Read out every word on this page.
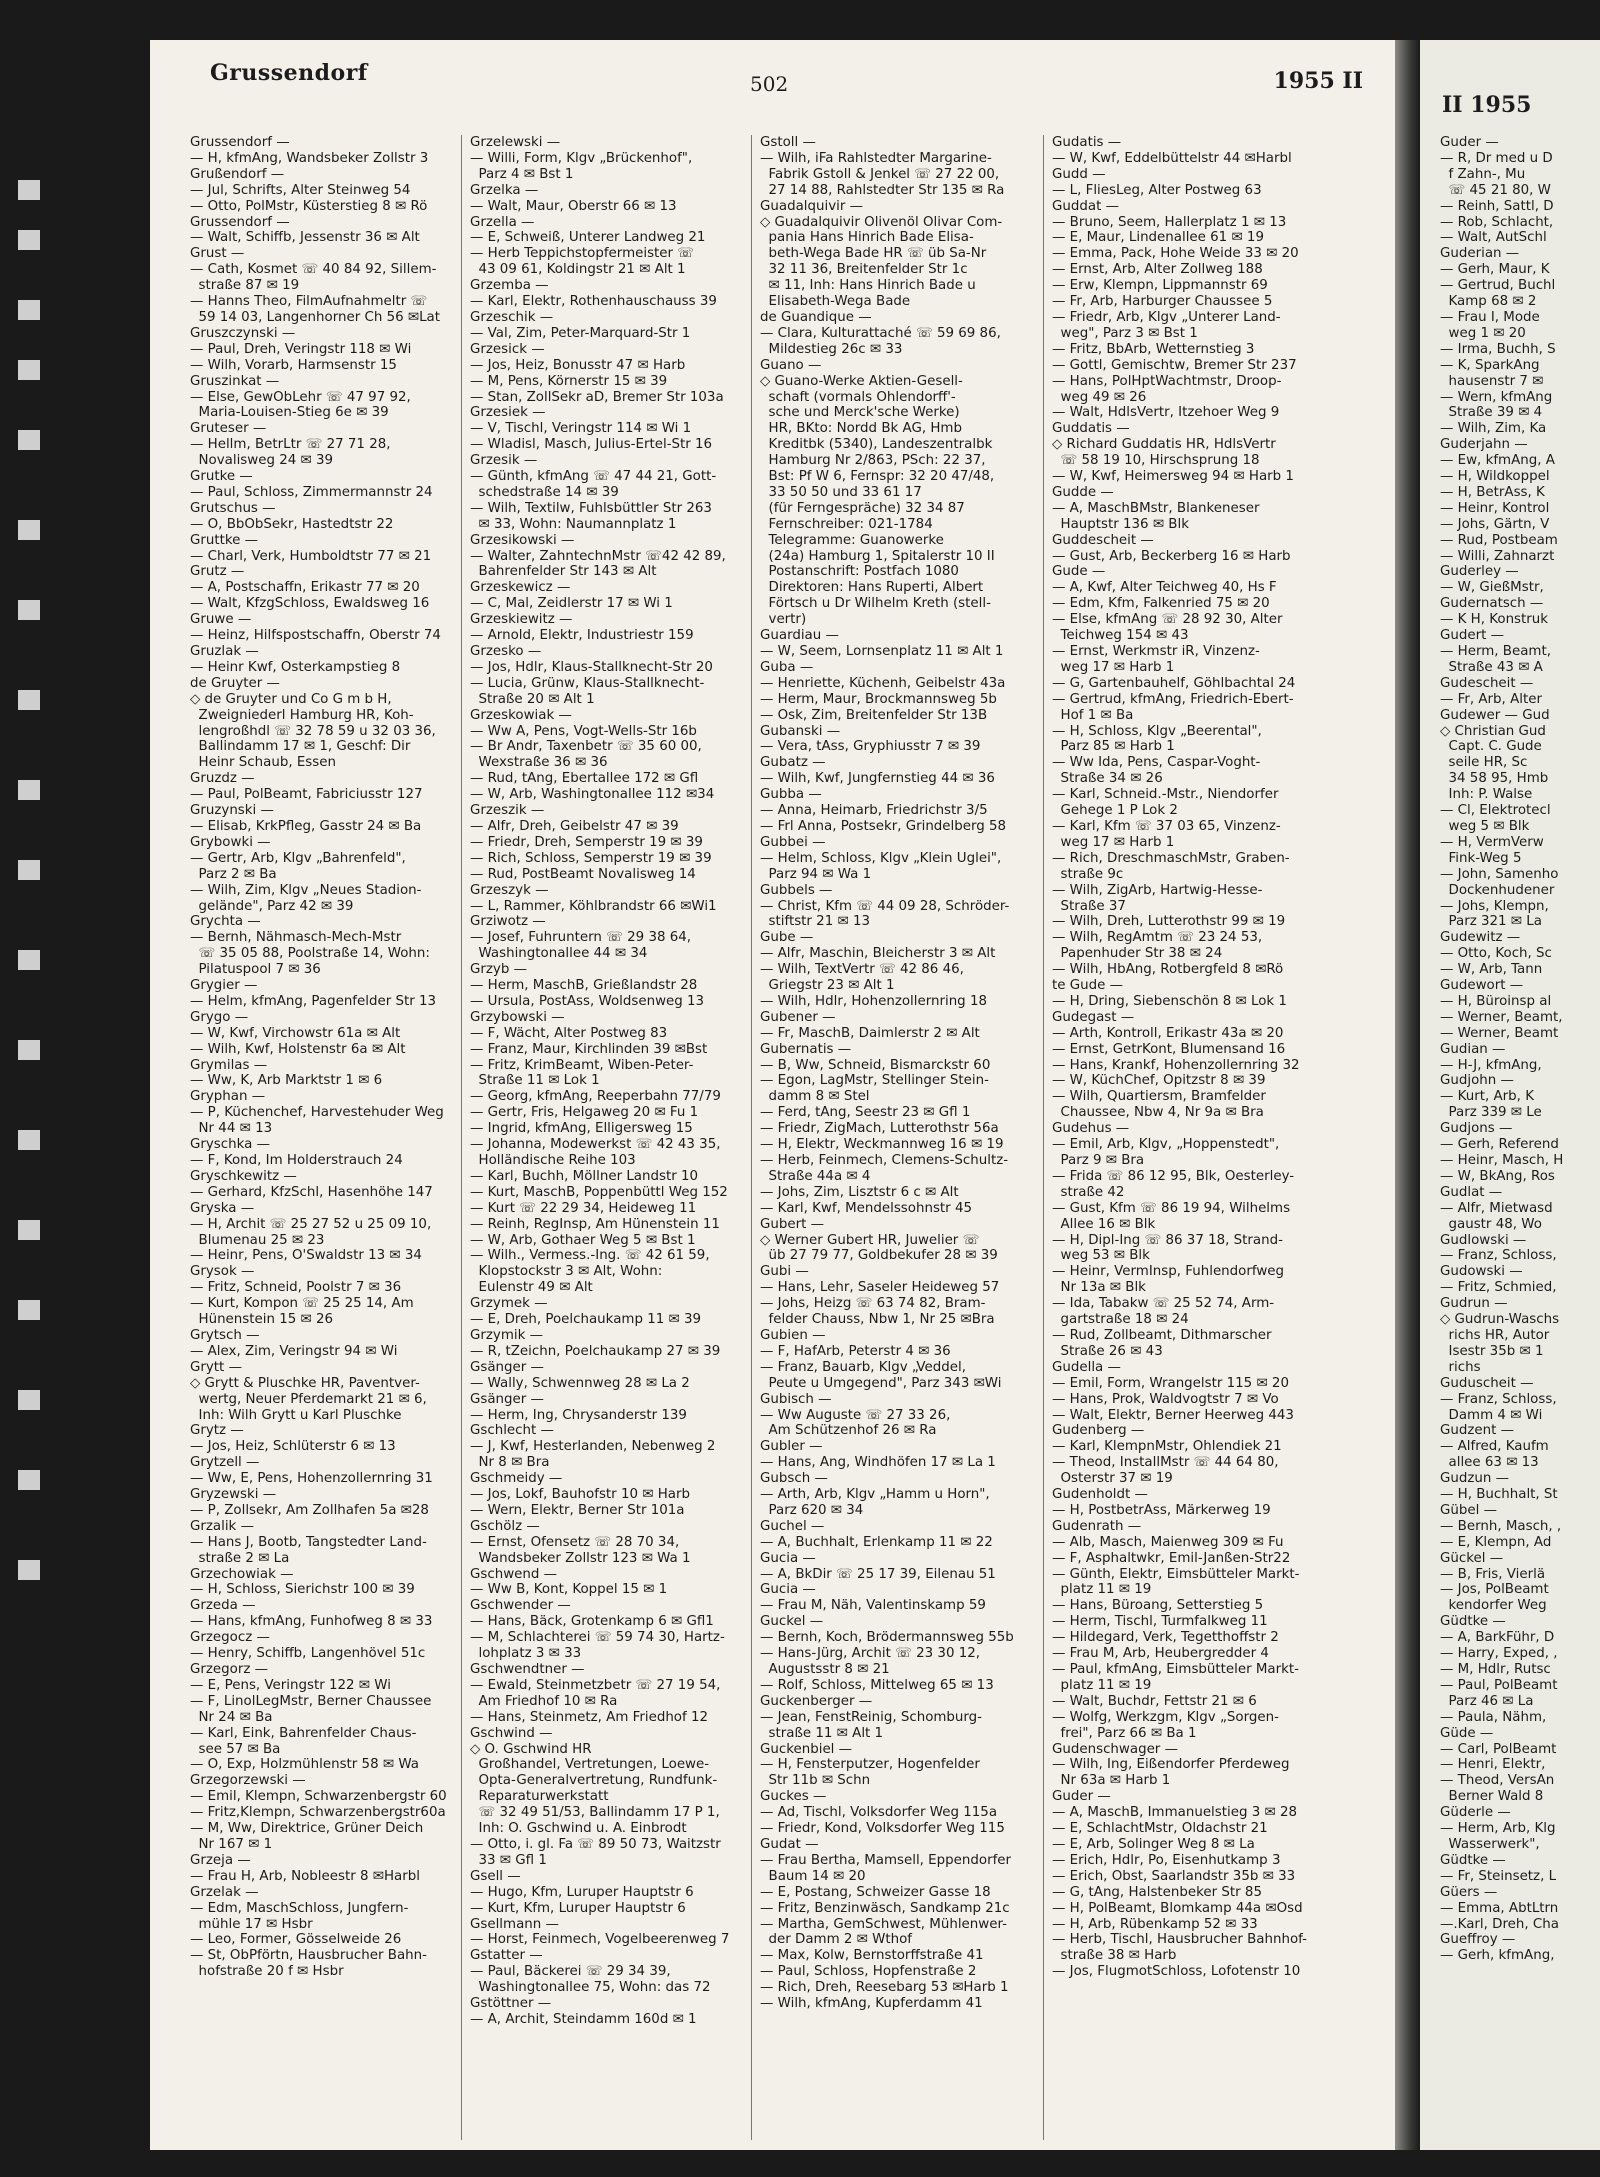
Grussendorf	502	1955 II
Grussendorf —
— H, kfmAng, Wandsbeker Zollstr 3
Grußendorf —
— Jul, Schrifts, Alter Steinweg 54
— Otto, PolMstr, Küsterstieg 8 ✉ Rö
Grussendorf —
— Walt, Schiffb, Jessenstr 36 ✉ Alt
Grust —
— Cath, Kosmet ☏ 40 84 92, Sillem-
straße 87 ✉ 19
— Hanns Theo, FilmAufnahmeltr ☏
59 14 03, Langenhorner Ch 56 ✉Lat
Gruszczynski —
— Paul, Dreh, Veringstr 118 ✉ Wi
— Wilh, Vorarb, Harmsenstr 15
Gruszinkat —
— Else, GewObLehr ☏ 47 97 92,
Maria-Louisen-Stieg 6e ✉ 39
Gruteser —
— Hellm, BetrLtr ☏ 27 71 28,
Novalisweg 24 ✉ 39
Grutke —
— Paul, Schloss, Zimmermannstr 24
Grutschus —
— O, BbObSekr, Hastedtstr 22
Gruttke —
— Charl, Verk, Humboldtstr 77 ✉ 21
Grutz —
— A, Postschaffn, Erikastr 77 ✉ 20
— Walt, KfzgSchloss, Ewaldsweg 16
Gruwe —
— Heinz, Hilfspostschaffn, Oberstr 74
Gruzlak —
— Heinr Kwf, Osterkampstieg 8
de Gruyter —
◇ de Gruyter und Co G m b H,
Zweigniederl Hamburg HR, Koh-
lengroßhdl ☏ 32 78 59 u 32 03 36,
Ballindamm 17 ✉ 1, Geschf: Dir
Heinr Schaub, Essen
Gruzdz —
— Paul, PolBeamt, Fabriciusstr 127
Gruzynski —
— Elisab, KrkPfleg, Gasstr 24 ✉ Ba
Grybowki —
— Gertr, Arb, Klgv „Bahrenfeld",
Parz 2 ✉ Ba
— Wilh, Zim, Klgv „Neues Stadion-
gelände", Parz 42 ✉ 39
Grychta —
— Bernh, Nähmasch-Mech-Mstr
☏ 35 05 88, Poolstraße 14, Wohn:
Pilatuspool 7 ✉ 36
Grygier —
— Helm, kfmAng, Pagenfelder Str 13
Grygo —
— W, Kwf, Virchowstr 61a ✉ Alt
— Wilh, Kwf, Holstenstr 6a ✉ Alt
Grymilas —
— Ww, K, Arb Marktstr 1 ✉ 6
Gryphan —
— P, Küchenchef, Harvestehuder Weg
Nr 44 ✉ 13
Gryschka —
— F, Kond, Im Holderstrauch 24
Gryschkewitz —
— Gerhard, KfzSchl, Hasenhöhe 147
Gryska —
— H, Archit ☏ 25 27 52 u 25 09 10,
Blumenau 25 ✉ 23
— Heinr, Pens, O'Swaldstr 13 ✉ 34
Grysok —
— Fritz, Schneid, Poolstr 7 ✉ 36
— Kurt, Kompon ☏ 25 25 14, Am
Hünenstein 15 ✉ 26
Grytsch —
— Alex, Zim, Veringstr 94 ✉ Wi
Grytt —
◇ Grytt & Pluschke HR, Paventver-
wertg, Neuer Pferdemarkt 21 ✉ 6,
Inh: Wilh Grytt u Karl Pluschke
Grytz —
— Jos, Heiz, Schlüterstr 6 ✉ 13
Grytzell —
— Ww, E, Pens, Hohenzollernring 31
Gryzewski —
— P, Zollsekr, Am Zollhafen 5a ✉28
Grzalik —
— Hans J, Bootb, Tangstedter Land-
straße 2 ✉ La
Grzechowiak —
— H, Schloss, Sierichstr 100 ✉ 39
Grzeda —
— Hans, kfmAng, Funhofweg 8 ✉ 33
Grzegocz —
— Henry, Schiffb, Langenhövel 51c
Grzegorz —
— E, Pens, Veringstr 122 ✉ Wi
— F, LinolLegMstr, Berner Chaussee
Nr 24 ✉ Ba
— Karl, Eink, Bahrenfelder Chaus-
see 57 ✉ Ba
— O, Exp, Holzmühlenstr 58 ✉ Wa
Grzegorzewski —
— Emil, Klempn, Schwarzenbergstr 60
— Fritz,Klempn, Schwarzenbergstr60a
— M, Ww, Direktrice, Grüner Deich
Nr 167 ✉ 1
Grzeja —
— Frau H, Arb, Nobleestr 8 ✉Harbl
Grzelak —
— Edm, MaschSchloss, Jungfern-
mühle 17 ✉ Hsbr
— Leo, Former, Gösselweide 26
— St, ObPförtn, Hausbrucher Bahn-
hofstraße 20 f ✉ Hsbr
Grzelewski —
— Willi, Form, Klgv „Brückenhof",
Parz 4 ✉ Bst 1
Grzelka —
— Walt, Maur, Oberstr 66 ✉ 13
Grzella —
— E, Schweiß, Unterer Landweg 21
— Herb Teppichstopfermeister ☏
43 09 61, Koldingstr 21 ✉ Alt 1
Grzemba —
— Karl, Elektr, Rothenhauschauss 39
Grzeschik —
— Val, Zim, Peter-Marquard-Str 1
Grzesick —
— Jos, Heiz, Bonusstr 47 ✉ Harb
— M, Pens, Körnerstr 15 ✉ 39
— Stan, ZollSekr aD, Bremer Str 103a
Grzesiek —
— V, Tischl, Veringstr 114 ✉ Wi 1
— Wladisl, Masch, Julius-Ertel-Str 16
Grzesik —
— Günth, kfmAng ☏ 47 44 21, Gott-
schedstraße 14 ✉ 39
— Wilh, Textilw, Fuhlsbüttler Str 263
✉ 33, Wohn: Naumannplatz 1
Grzesikowski —
— Walter, ZahntechnMstr ☏42 42 89,
Bahrenfelder Str 143 ✉ Alt
Grzeskewicz —
— C, Mal, Zeidlerstr 17 ✉ Wi 1
Grzeskiewitz —
— Arnold, Elektr, Industriestr 159
Grzesko —
— Jos, Hdlr, Klaus-Stallknecht-Str 20
— Lucia, Grünw, Klaus-Stallknecht-
Straße 20 ✉ Alt 1
Grzeskowiak —
— Ww A, Pens, Vogt-Wells-Str 16b
— Br Andr, Taxenbetr ☏ 35 60 00,
Wexstraße 36 ✉ 36
— Rud, tAng, Ebertallee 172 ✉ Gfl
— W, Arb, Washingtonallee 112 ✉34
Grzeszik —
— Alfr, Dreh, Geibelstr 47 ✉ 39
— Friedr, Dreh, Semperstr 19 ✉ 39
— Rich, Schloss, Semperstr 19 ✉ 39
— Rud, PostBeamt Novalisweg 14
Grzeszyk —
— L, Rammer, Köhlbrandstr 66 ✉Wi1
Grziwotz —
— Josef, Fuhruntern ☏ 29 38 64,
Washingtonallee 44 ✉ 34
Grzyb —
— Herm, MaschB, Grießlandstr 28
— Ursula, PostAss, Woldsenweg 13
Grzybowski —
— F, Wächt, Alter Postweg 83
— Franz, Maur, Kirchlinden 39 ✉Bst
— Fritz, KrimBeamt, Wiben-Peter-
Straße 11 ✉ Lok 1
— Georg, kfmAng, Reeperbahn 77/79
— Gertr, Fris, Helgaweg 20 ✉ Fu 1
— Ingrid, kfmAng, Elligersweg 15
— Johanna, Modewerkst ☏ 42 43 35,
Holländische Reihe 103
— Karl, Buchh, Möllner Landstr 10
— Kurt, MaschB, Poppenbüttl Weg 152
— Kurt ☏ 22 29 34, Heideweg 11
— Reinh, RegInsp, Am Hünenstein 11
— W, Arb, Gothaer Weg 5 ✉ Bst 1
— Wilh., Vermess.-Ing. ☏ 42 61 59,
Klopstockstr 3 ✉ Alt, Wohn:
Eulenstr 49 ✉ Alt
Grzymek —
— E, Dreh, Poelchaukamp 11 ✉ 39
Grzymik —
— R, tZeichn, Poelchaukamp 27 ✉ 39
Gsänger —
— Wally, Schwennweg 28 ✉ La 2
Gsänger —
— Herm, Ing, Chrysanderstr 139
Gschlecht —
— J, Kwf, Hesterlanden, Nebenweg 2
Nr 8 ✉ Bra
Gschmeidy —
— Jos, Lokf, Bauhofstr 10 ✉ Harb
— Wern, Elektr, Berner Str 101a
Gschölz —
— Ernst, Ofensetz ☏ 28 70 34,
Wandsbeker Zollstr 123 ✉ Wa 1
Gschwend —
— Ww B, Kont, Koppel 15 ✉ 1
Gschwender —
— Hans, Bäck, Grotenkamp 6 ✉ Gfl1
— M, Schlachterei ☏ 59 74 30, Hartz-
lohplatz 3 ✉ 33
Gschwendtner —
— Ewald, Steinmetzbetr ☏ 27 19 54,
Am Friedhof 10 ✉ Ra
— Hans, Steinmetz, Am Friedhof 12
Gschwind —
◇ O. Gschwind HR
Großhandel, Vertretungen, Loewe-
Opta-Generalvertretung, Rundfunk-
Reparaturwerkstatt
☏ 32 49 51/53, Ballindamm 17 P 1,
Inh: O. Gschwind u. A. Einbrodt
— Otto, i. gl. Fa ☏ 89 50 73, Waitzstr
33 ✉ Gfl 1
Gsell —
— Hugo, Kfm, Luruper Hauptstr 6
— Kurt, Kfm, Luruper Hauptstr 6
Gsellmann —
— Horst, Feinmech, Vogelbeerenweg 7
Gstatter —
— Paul, Bäckerei ☏ 29 34 39,
Washingtonallee 75, Wohn: das 72
Gstöttner —
— A, Archit, Steindamm 160d ✉ 1
Gstoll —
— Wilh, iFa Rahlstedter Margarine-
Fabrik Gstoll & Jenkel ☏ 27 22 00,
27 14 88, Rahlstedter Str 135 ✉ Ra
Guadalquivir —
◇ Guadalquivir Olivenöl Olivar Com-
pania Hans Hinrich Bade Elisa-
beth-Wega Bade HR ☏ üb Sa-Nr
32 11 36, Breitenfelder Str 1c
✉ 11, Inh: Hans Hinrich Bade u
Elisabeth-Wega Bade
de Guandique —
— Clara, Kulturattaché ☏ 59 69 86,
Mildestieg 26c ✉ 33
Guano —
◇ Guano-Werke Aktien-Gesell-
schaft (vormals Ohlendorff'-
sche und Merck'sche Werke)
HR, BKto: Nordd Bk AG, Hmb
Kreditbk (5340), Landeszentralbk
Hamburg Nr 2/863, PSch: 22 37,
Bst: Pf W 6, Fernspr: 32 20 47/48,
33 50 50 und 33 61 17
(für Ferngespräche) 32 34 87
Fernschreiber: 021-1784
Telegramme: Guanowerke
(24a) Hamburg 1, Spitalerstr 10 II
Postanschrift: Postfach 1080
Direktoren: Hans Ruperti, Albert
Förtsch u Dr Wilhelm Kreth (stell-
vertr)
Guardiau —
— W, Seem, Lornsenplatz 11 ✉ Alt 1
Guba —
— Henriette, Küchenh, Geibelstr 43a
— Herm, Maur, Brockmannsweg 5b
— Osk, Zim, Breitenfelder Str 13B
Gubanski —
— Vera, tAss, Gryphiusstr 7 ✉ 39
Gubatz —
— Wilh, Kwf, Jungfernstieg 44 ✉ 36
Gubba —
— Anna, Heimarb, Friedrichstr 3/5
— Frl Anna, Postsekr, Grindelberg 58
Gubbei —
— Helm, Schloss, Klgv „Klein Uglei",
Parz 94 ✉ Wa 1
Gubbels —
— Christ, Kfm ☏ 44 09 28, Schröder-
stiftstr 21 ✉ 13
Gube —
— Alfr, Maschin, Bleicherstr 3 ✉ Alt
— Wilh, TextVertr ☏ 42 86 46,
Griegstr 23 ✉ Alt 1
— Wilh, Hdlr, Hohenzollernring 18
Gubener —
— Fr, MaschB, Daimlerstr 2 ✉ Alt
Gubernatis —
— B, Ww, Schneid, Bismarckstr 60
— Egon, LagMstr, Stellinger Stein-
damm 8 ✉ Stel
— Ferd, tAng, Seestr 23 ✉ Gfl 1
— Friedr, ZigMach, Lutterothstr 56a
— H, Elektr, Weckmannweg 16 ✉ 19
— Herb, Feinmech, Clemens-Schultz-
Straße 44a ✉ 4
— Johs, Zim, Lisztstr 6 c ✉ Alt
— Karl, Kwf, Mendelssohnstr 45
Gubert —
◇ Werner Gubert HR, Juwelier ☏
üb 27 79 77, Goldbekufer 28 ✉ 39
Gubi —
— Hans, Lehr, Saseler Heideweg 57
— Johs, Heizg ☏ 63 74 82, Bram-
felder Chauss, Nbw 1, Nr 25 ✉Bra
Gubien —
— F, HafArb, Peterstr 4 ✉ 36
— Franz, Bauarb, Klgv „Veddel,
Peute u Umgegend", Parz 343 ✉Wi
Gubisch —
— Ww Auguste ☏ 27 33 26,
Am Schützenhof 26 ✉ Ra
Gubler —
— Hans, Ang, Windhöfen 17 ✉ La 1
Gubsch —
— Arth, Arb, Klgv „Hamm u Horn",
Parz 620 ✉ 34
Guchel —
— A, Buchhalt, Erlenkamp 11 ✉ 22
Gucia —
— A, BkDir ☏ 25 17 39, Eilenau 51
Gucia —
— Frau M, Näh, Valentinskamp 59
Guckel —
— Bernh, Koch, Brödermannsweg 55b
— Hans-Jürg, Archit ☏ 23 30 12,
Augustsstr 8 ✉ 21
— Rolf, Schloss, Mittelweg 65 ✉ 13
Guckenberger —
— Jean, FenstReinig, Schomburg-
straße 11 ✉ Alt 1
Guckenbiel —
— H, Fensterputzer, Hogenfelder
Str 11b ✉ Schn
Guckes —
— Ad, Tischl, Volksdorfer Weg 115a
— Friedr, Kond, Volksdorfer Weg 115
Gudat —
— Frau Bertha, Mamsell, Eppendorfer
Baum 14 ✉ 20
— E, Postang, Schweizer Gasse 18
— Fritz, Benzinwäsch, Sandkamp 21c
— Martha, GemSchwest, Mühlenwer-
der Damm 2 ✉ Wthof
— Max, Kolw, Bernstorffstraße 41
— Paul, Schloss, Hopfenstraße 2
— Rich, Dreh, Reesebarg 53 ✉Harb 1
— Wilh, kfmAng, Kupferdamm 41
Gudatis —
— W, Kwf, Eddelbüttelstr 44 ✉Harbl
Gudd —
— L, FliesLeg, Alter Postweg 63
Guddat —
— Bruno, Seem, Hallerplatz 1 ✉ 13
— E, Maur, Lindenallee 61 ✉ 19
— Emma, Pack, Hohe Weide 33 ✉ 20
— Ernst, Arb, Alter Zollweg 188
— Erw, Klempn, Lippmannstr 69
— Fr, Arb, Harburger Chaussee 5
— Friedr, Arb, Klgv „Unterer Land-
weg", Parz 3 ✉ Bst 1
— Fritz, BbArb, Wetternstieg 3
— Gottl, Gemischtw, Bremer Str 237
— Hans, PolHptWachtmstr, Droop-
weg 49 ✉ 26
— Walt, HdlsVertr, Itzehoer Weg 9
Guddatis —
◇ Richard Guddatis HR, HdlsVertr
☏ 58 19 10, Hirschsprung 18
— W, Kwf, Heimersweg 94 ✉ Harb 1
Gudde —
— A, MaschBMstr, Blankeneser
Hauptstr 136 ✉ Blk
Guddescheit —
— Gust, Arb, Beckerberg 16 ✉ Harb
Gude —
— A, Kwf, Alter Teichweg 40, Hs F
— Edm, Kfm, Falkenried 75 ✉ 20
— Else, kfmAng ☏ 28 92 30, Alter
Teichweg 154 ✉ 43
— Ernst, Werkmstr iR, Vinzenz-
weg 17 ✉ Harb 1
— G, Gartenbauhelf, Göhlbachtal 24
— Gertrud, kfmAng, Friedrich-Ebert-
Hof 1 ✉ Ba
— H, Schloss, Klgv „Beerental",
Parz 85 ✉ Harb 1
— Ww Ida, Pens, Caspar-Voght-
Straße 34 ✉ 26
— Karl, Schneid.-Mstr., Niendorfer
Gehege 1 P Lok 2
— Karl, Kfm ☏ 37 03 65, Vinzenz-
weg 17 ✉ Harb 1
— Rich, DreschmaschMstr, Graben-
straße 9c
— Wilh, ZigArb, Hartwig-Hesse-
Straße 37
— Wilh, Dreh, Lutterothstr 99 ✉ 19
— Wilh, RegAmtm ☏ 23 24 53,
Papenhuder Str 38 ✉ 24
— Wilh, HbAng, Rotbergfeld 8 ✉Rö
te Gude —
— H, Dring, Siebenschön 8 ✉ Lok 1
Gudegast —
— Arth, Kontroll, Erikastr 43a ✉ 20
— Ernst, GetrKont, Blumensand 16
— Hans, Krankf, Hohenzollernring 32
— W, KüchChef, Opitzstr 8 ✉ 39
— Wilh, Quartiersm, Bramfelder
Chaussee, Nbw 4, Nr 9a ✉ Bra
Gudehus —
— Emil, Arb, Klgv, „Hoppenstedt",
Parz 9 ✉ Bra
— Frida ☏ 86 12 95, Blk, Oesterley-
straße 42
— Gust, Kfm ☏ 86 19 94, Wilhelms
Allee 16 ✉ Blk
— H, Dipl-Ing ☏ 86 37 18, Strand-
weg 53 ✉ Blk
— Heinr, VermInsp, Fuhlendorfweg
Nr 13a ✉ Blk
— Ida, Tabakw ☏ 25 52 74, Arm-
gartstraße 18 ✉ 24
— Rud, Zollbeamt, Dithmarscher
Straße 26 ✉ 43
Gudella —
— Emil, Form, Wrangelstr 115 ✉ 20
— Hans, Prok, Waldvogtstr 7 ✉ Vo
— Walt, Elektr, Berner Heerweg 443
Gudenberg —
— Karl, KlempnMstr, Ohlendiek 21
— Theod, InstallMstr ☏ 44 64 80,
Osterstr 37 ✉ 19
Gudenholdt —
— H, PostbetrAss, Märkerweg 19
Gudenrath —
— Alb, Masch, Maienweg 309 ✉ Fu
— F, Asphaltwkr, Emil-Janßen-Str22
— Günth, Elektr, Eimsbütteler Markt-
platz 11 ✉ 19
— Hans, Büroang, Setterstieg 5
— Herm, Tischl, Turmfalkweg 11
— Hildegard, Verk, Tegetthoffstr 2
— Frau M, Arb, Heubergredder 4
— Paul, kfmAng, Eimsbütteler Markt-
platz 11 ✉ 19
— Walt, Buchdr, Fettstr 21 ✉ 6
— Wolfg, Werkzgm, Klgv „Sorgen-
frei", Parz 66 ✉ Ba 1
Gudenschwager —
— Wilh, Ing, Eißendorfer Pferdeweg
Nr 63a ✉ Harb 1
Guder —
— A, MaschB, Immanuelstieg 3 ✉ 28
— E, SchlachtMstr, Oldachstr 21
— E, Arb, Solinger Weg 8 ✉ La
— Erich, Hdlr, Po, Eisenhutkamp 3
— Erich, Obst, Saarlandstr 35b ✉ 33
— G, tAng, Halstenbeker Str 85
— H, PolBeamt, Blomkamp 44a ✉Osd
— H, Arb, Rübenkamp 52 ✉ 33
— Herb, Tischl, Hausbrucher Bahnhof-
straße 38 ✉ Harb
— Jos, FlugmotSchloss, Lofotenstr 10
II 1955
Guder —
— R, Dr med u D
f Zahn-, Mu
☏ 45 21 80, W
— Reinh, Sattl, D
— Rob, Schlacht,
— Walt, AutSchl
Guderian —
— Gerh, Maur, K
— Gertrud, Buchl
Kamp 68 ✉ 2
— Frau I, Mode
weg 1 ✉ 20
— Irma, Buchh, S
— K, SparkAng
hausenstr 7 ✉
— Wern, kfmAng
Straße 39 ✉ 4
— Wilh, Zim, Ka
Guderjahn —
— Ew, kfmAng, A
— H, Wildkoppel
— H, BetrAss, K
— Heinr, Kontrol
— Johs, Gärtn, V
— Rud, Postbeam
— Willi, Zahnarzt
Guderley —
— W, GießMstr,
Gudernatsch —
— K H, Konstruk
Gudert —
— Herm, Beamt,
Straße 43 ✉ A
Gudescheit —
— Fr, Arb, Alter
Gudewer — Gud
◇ Christian Gud
Capt. C. Gude
seile HR, Sc
34 58 95, Hmb
Inh: P. Walse
— Cl, Elektrotecl
weg 5 ✉ Blk
— H, VermVerw
Fink-Weg 5
— John, Samenho
Dockenhudener
— Johs, Klempn,
Parz 321 ✉ La
Gudewitz —
— Otto, Koch, Sc
— W, Arb, Tann
Gudewort —
— H, Büroinsp al
— Werner, Beamt,
— Werner, Beamt
Gudian —
— H-J, kfmAng,
Gudjohn —
— Kurt, Arb, K
Parz 339 ✉ Le
Gudjons —
— Gerh, Referend
— Heinr, Masch, H
— W, BkAng, Ros
Gudlat —
— Alfr, Mietwasd
gaustr 48, Wo
Gudlowski —
— Franz, Schloss,
Gudowski —
— Fritz, Schmied,
Gudrun —
◇ Gudrun-Waschs
richs HR, Autor
Isestr 35b ✉ 1
richs
Guduscheit —
— Franz, Schloss,
Damm 4 ✉ Wi
Gudzent —
— Alfred, Kaufm
allee 63 ✉ 13
Gudzun —
— H, Buchhalt, St
Gübel —
— Bernh, Masch, ,
— E, Klempn, Ad
Gückel —
— B, Fris, Vierlä
— Jos, PolBeamt
kendorfer Weg
Güdtke —
— A, BarkFühr, D
— Harry, Exped, ,
— M, Hdlr, Rutsc
— Paul, PolBeamt
Parz 46 ✉ La
— Paula, Nähm,
Güde —
— Carl, PolBeamt
— Henri, Elektr,
— Theod, VersAn
Berner Wald 8
Güderle —
— Herm, Arb, Klg
Wasserwerk",
Güdtke —
— Fr, Steinsetz, L
Güers —
— Emma, AbtLtrn
—.Karl, Dreh, Cha
Gueffroy —
— Gerh, kfmAng,
